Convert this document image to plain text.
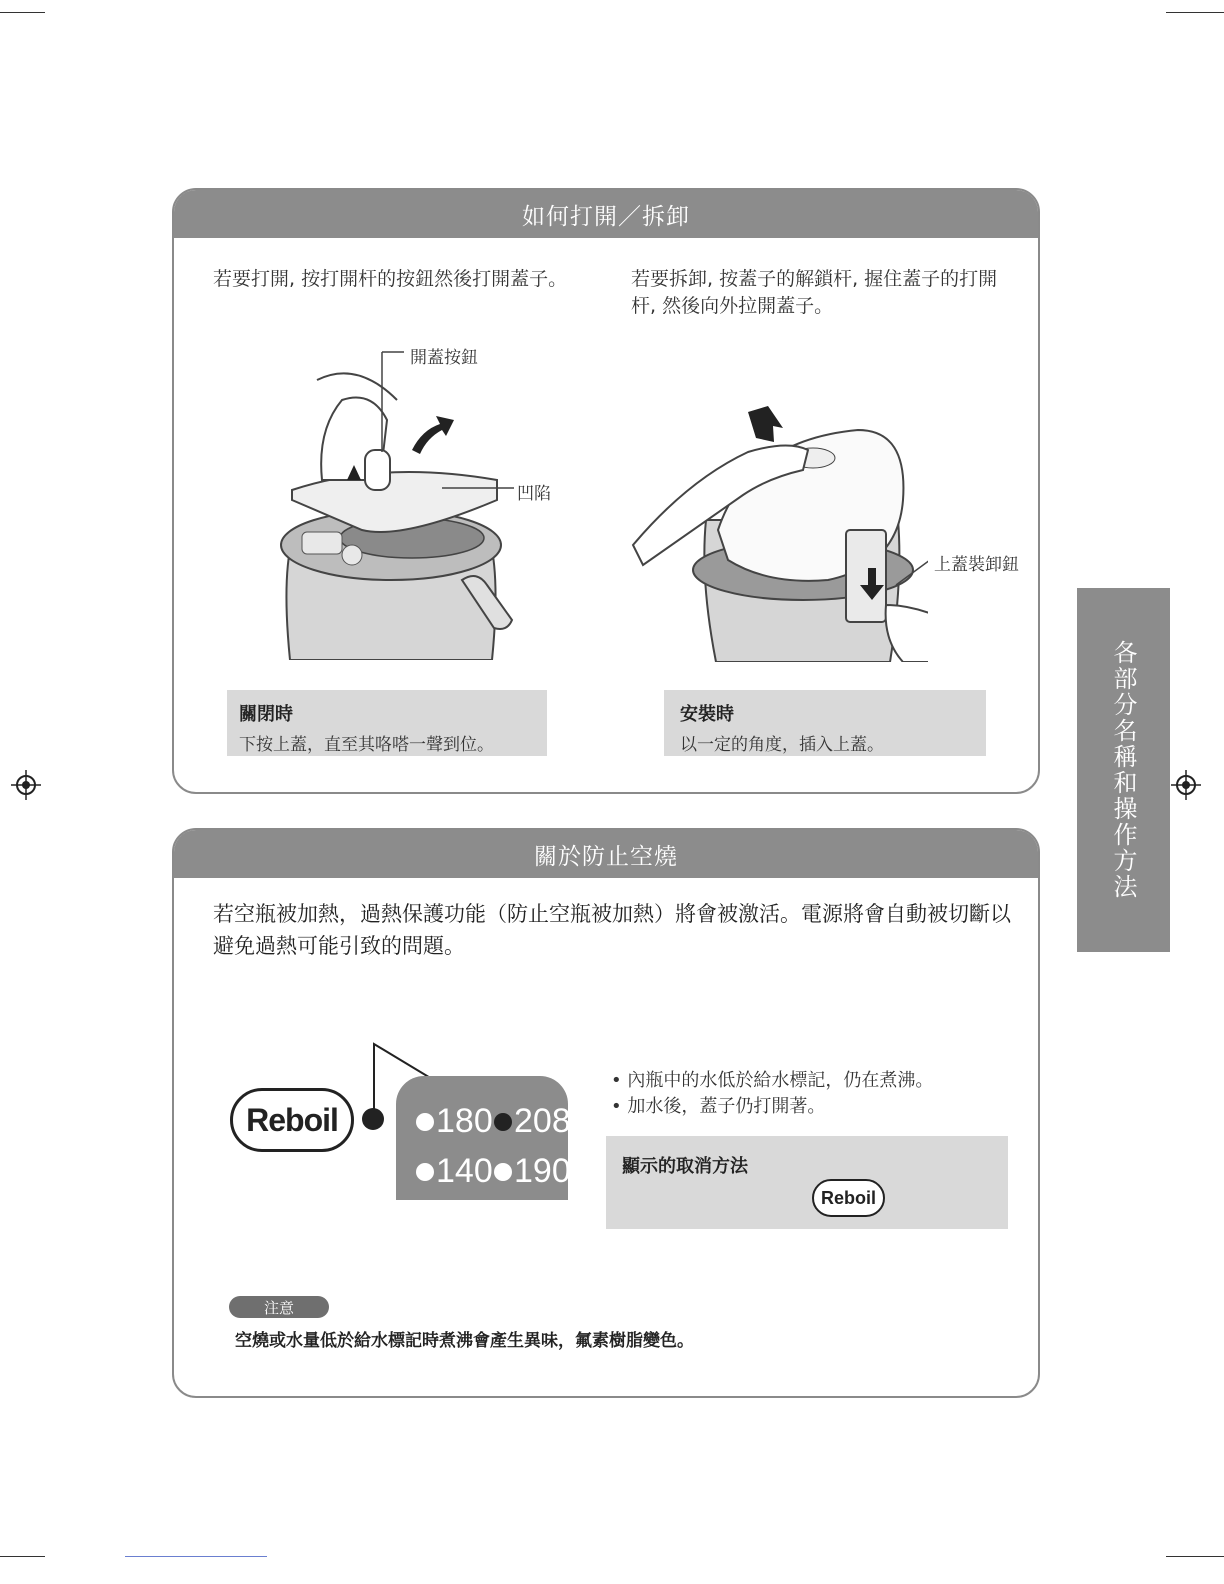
如何打開／拆卸
若要打開, 按打開杆的按鈕然後打開蓋子。	若要拆卸, 按蓋子的解鎖杆, 握住蓋子的打開杆, 然後向外拉開蓋子。
開蓋按鈕
凹陷
上蓋裝卸鈕
關閉時
下按上蓋，直至其咯嗒一聲到位。
安裝時
以一定的角度，插入上蓋。
關於防止空燒
若空瓶被加熱，過熱保護功能（防止空瓶被加熱）將會被激活。電源將會自動被切斷以避免過熱可能引致的問題。
Reboil	180 208
140 190
• 內瓶中的水低於給水標記，仍在煮沸。
• 加水後，蓋子仍打開著。
顯示的取消方法
Reboil
注意
空燒或水量低於給水標記時煮沸會產生異味，氟素樹脂變色。
各部分名稱和操作方法
